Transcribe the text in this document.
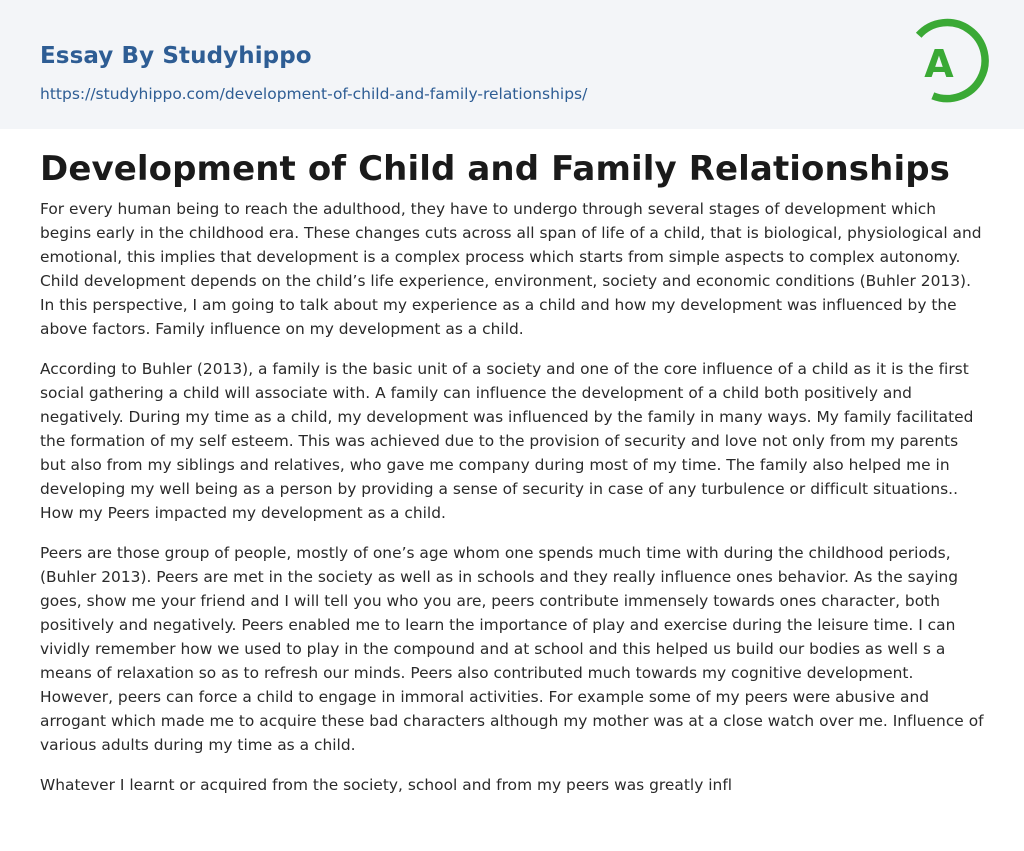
Essay By Studyhippo
https://studyhippo.com/development-of-child-and-family-relationships/
A
Development of Child and Family Relationships

For every human being to reach the adulthood, they have to undergo through several stages of development which begins early in the childhood era. These changes cuts across all span of life of a child, that is biological, physiological and emotional, this implies that development is a complex process which starts from simple aspects to complex autonomy. Child development depends on the child’s life experience, environment, society and economic conditions (Buhler 2013). In this perspective, I am going to talk about my experience as a child and how my development was influenced by the above factors. Family influence on my development as a child.

According to Buhler (2013), a family is the basic unit of a society and one of the core influence of a child as it is the first social gathering a child will associate with. A family can influence the development of a child both positively and negatively. During my time as a child, my development was influenced by the family in many ways. My family facilitated the formation of my self esteem. This was achieved due to the provision of security and love not only from my parents but also from my siblings and relatives, who gave me company during most of my time. The family also helped me in developing my well being as a person by providing a sense of security in case of any turbulence or difficult situations.. How my Peers impacted my development as a child.

Peers are those group of people, mostly of one’s age whom one spends much time with during the childhood periods, (Buhler 2013). Peers are met in the society as well as in schools and they really influence ones behavior. As the saying goes, show me your friend and I will tell you who you are, peers contribute immensely towards ones character, both positively and negatively. Peers enabled me to learn the importance of play and exercise during the leisure time. I can vividly remember how we used to play in the compound and at school and this helped us build our bodies as well s a means of relaxation so as to refresh our minds. Peers also contributed much towards my cognitive development. However, peers can force a child to engage in immoral activities. For example some of my peers were abusive and arrogant which made me to acquire these bad characters although my mother was at a close watch over me. Influence of various adults during my time as a child.

Whatever I learnt or acquired from the society, school and from my peers was greatly infl
